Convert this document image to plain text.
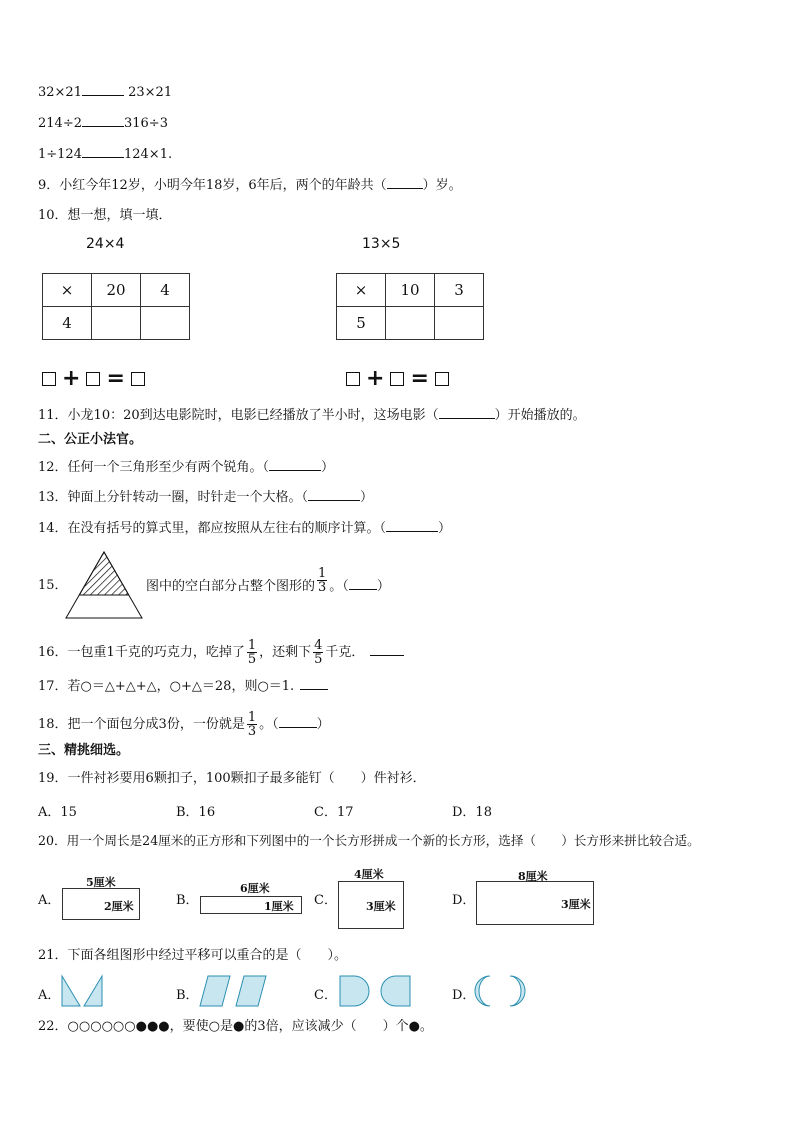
32×21	23×21
214÷2	316÷3
1÷124	124×1.
9．小红今年12岁，小明今年18岁，6年后，两个的年龄共（	）岁。
10．想一想，填一填．
24×4	13×5
×	20	4
4		
×	10	3
5		
+ =	+ =
11．小龙10：20到达电影院时，电影已经播放了半小时，这场电影（	）开始播放的。
二、公正小法官。
12．任何一个三角形至少有两个锐角。（	）
13．钟面上分针转动一圈，时针走一个大格。（	）
14．在没有括号的算式里，都应按照从左往右的顺序计算。（	）
15．	图中的空白部分占整个图形的 $\frac{1}{3}$ 。（ ）
16．一包重1千克的巧克力，吃掉了 $\frac{1}{5}$ ，还剩下 $\frac{4}{5}$ 千克．
17．若○＝△+△+△，○+△＝28，则○＝1.
18．把一个面包分成3份，一份就是 $\frac{1}{3}$ 。（	）
三、精挑细选。
19．一件衬衫要用6颗扣子，100颗扣子最多能钉（　　）件衬衫．
A．15	B．16	C．17	D．18
20．用一个周长是24厘米的正方形和下列图中的一个长方形拼成一个新的长方形，选择（　　）长方形来拼比较合适。
A．
5厘米
2厘米	B．
6厘米
1厘米 C．
4厘米
3厘米	D．
8厘米
3厘米
21．下面各组图形中经过平移可以重合的是（　　）。
A．	B．	C．	D．
22．○○○○○○●●●，要使○是●的3倍，应该减少（　　）个●。
